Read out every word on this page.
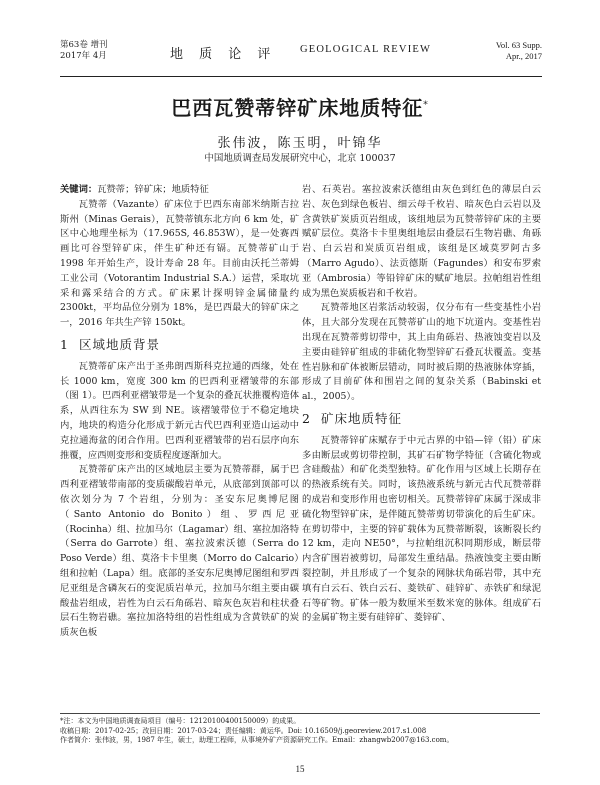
第63卷 增刊
2017年 4月	地 质 论 评 GEOLOGICAL REVIEW	Vol. 63 Supp.
Apr., 2017
巴西瓦赞蒂锌矿床地质特征*
张伟波，陈玉明，叶锦华
中国地质调查局发展研究中心，北京 100037

关键词：瓦赞蒂；锌矿床；地质特征

瓦赞蒂（Vazante）矿床位于巴西东南部米纳斯吉拉斯州（Minas Gerais），瓦赞蒂镇东北方向 6 km 处，矿区中心地理坐标为（17.965S, 46.853W），是一处赛西画比可谷型锌矿床，伴生矿种还有镉。瓦赞蒂矿山于 1998 年开始生产，设计寿命 28 年。目前由沃托兰蒂姆工业公司（Votorantim Industrial S.A.）运营，采取坑采和露采结合的方式。矿床累计探明锌金属储量约 2300kt，平均品位分别为 18%，是巴西最大的锌矿床之一，2016 年共生产锌 150kt。

1 区域地质背景

瓦赞蒂矿床产出于圣弗朗西斯科克拉通的西缘，处在长 1000 km，宽度 300 km 的巴西利亚褶皱带的东部（图 1）。巴西利亚褶皱带是一个复杂的叠瓦状推覆构造体系，从西往东为 SW 到 NE。该褶皱带位于不稳定地块内，地块的构造分化形成于新元古代巴西利亚造山运动中克拉通海盆的闭合作用。巴西利亚褶皱带的岩石层序向东推覆，应西则变形和变质程度逐渐加大。

瓦赞蒂矿床产出的区域地层主要为瓦赞蒂群，属于巴西利亚褶皱带南部的变质碳酸岩单元，从底部到顶部可以依次划分为 7 个岩组，分别为：圣安东尼奥博尼图（Santo Antonio do Bonito）组、罗西尼亚（Rocinha）组、拉加马尔（Lagamar）组、塞拉加洛特（Serra do Garrote）组、塞拉波索沃德（Serra do Poso Verde）组、莫洛卡卡里奥（Morro do Calcario）组和拉帕（Lapa）组。底部的圣安东尼奥博尼图组和罗西尼亚组是含磷灰石的变泥质岩单元，拉加马尔组主要由碳酸盐岩组成，岩性为白云石角砾岩、暗灰色灰岩和柱状叠层石生物岩礁。塞拉加洛特组的岩性组成为含黄铁矿的炭质灰色板

岩、石英岩。塞拉波索沃德组由灰色到红色的薄层白云岩、灰色到绿色板岩、细云母千枚岩、暗灰色白云岩以及含黄铁矿炭质页岩组成，该组地层为瓦赞蒂锌矿床的主要赋矿层位。莫洛卡卡里奥组地层由叠层石生物岩礁、角砾岩、白云岩和炭质页岩组成，该组是区域莫罗阿古多（Marro Agudo）、法贡德斯（Fagundes）和安布罗索亚（Ambrosia）等铅锌矿床的赋矿地层。拉帕组岩性组成为黑色炭质板岩和千枚岩。

瓦赞蒂地区岩浆活动较弱，仅分布有一些变基性小岩体，且大部分发现在瓦赞蒂矿山的地下坑道内。变基性岩出现在瓦赞蒂剪切带中，其上由角砾岩、热液蚀变岩以及主要由硅锌矿组成的非硫化物型锌矿石叠瓦状覆盖。变基性岩脉和矿体被断层错动，同时被后期的热液脉体穿插，形成了目前矿体和围岩之间的复杂关系（Babinski et al.，2005）。

2 矿床地质特征

瓦赞蒂锌矿床赋存于中元古界的中铅—锌（铅）矿床多由断层或剪切带控制，其矿石矿物学特征（含硫化物或含硅酸盐）和矿化类型独特。矿化作用与区域上长期存在的热液系统有关。同时，该热液系统与新元古代瓦赞蒂群的成岩和变形作用也密切相关。瓦赞蒂锌矿床属于深成非硫化物型锌矿床，是伴随瓦赞蒂剪切带演化的后生矿床。在剪切带中，主要的锌矿载体为瓦赞蒂断裂，该断裂长约 12 km，走向 NE50°，与拉帕组沉积同期形成，断层带内含矿围岩被剪切，局部发生重结晶。热液蚀变主要由断裂控制，并且形成了一个复杂的网脉状角砾岩带，其中充填有白云石、铁白云石、菱铁矿、硅锌矿、赤铁矿和绿泥石等矿物。矿体一般为数厘米至数米宽的脉体。组成矿石的金属矿物主要有硅锌矿、菱锌矿、

*注：本文为中国地质调查局项目（编号：12120100400150009）的成果。
收稿日期：2017-02-25；改回日期：2017-03-24；责任编辑：黄运华。Doi: 10.16509/j.georeview.2017.s1.008
作者简介：张伟波，男，1987 年生，硕士，助理工程师，从事境外矿产资源研究工作。Email：zhangwb2007@163.com。
15
